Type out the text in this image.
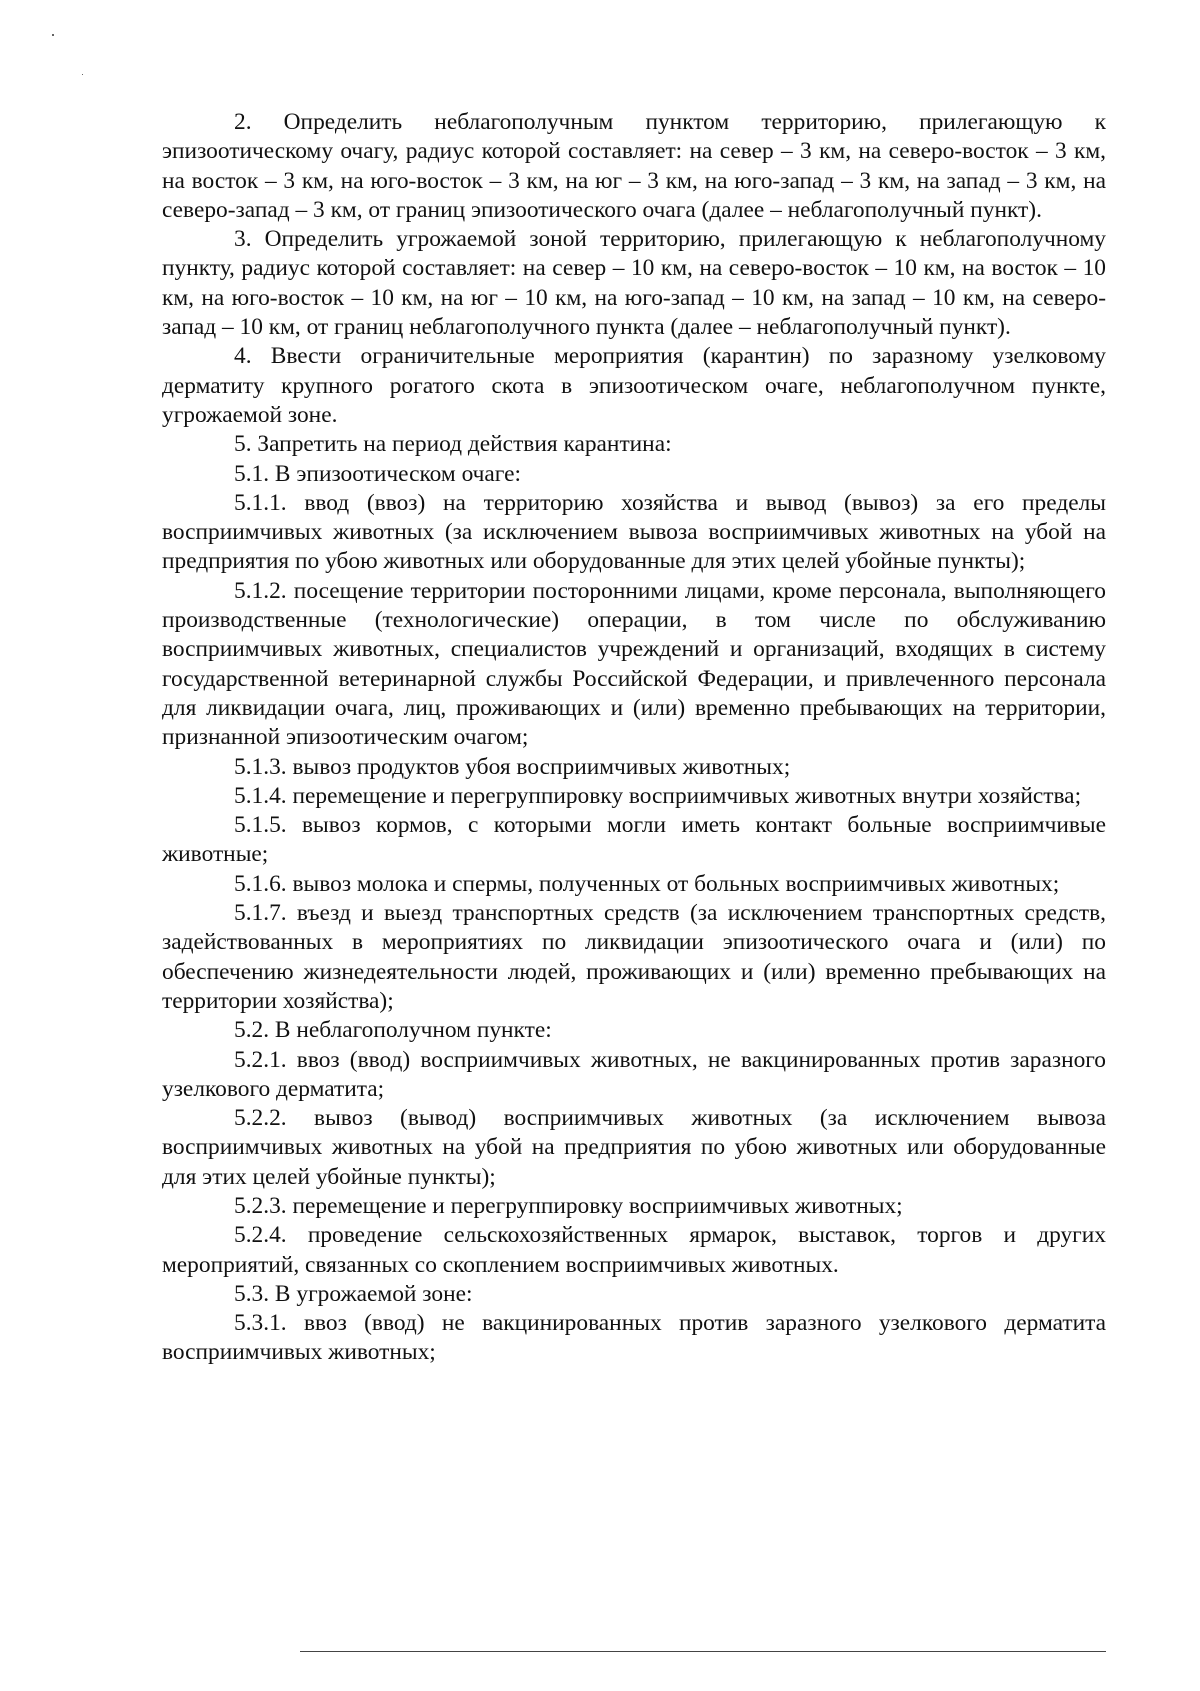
2. Определить неблагополучным пунктом территорию, прилегающую к эпизоотическому очагу, радиус которой составляет: на север – 3 км, на северо-восток – 3 км, на восток – 3 км, на юго-восток – 3 км, на юг – 3 км, на юго-запад – 3 км, на запад – 3 км, на северо-запад – 3 км, от границ эпизоотического очага (далее – неблагополучный пункт).

3. Определить угрожаемой зоной территорию, прилегающую к неблагополучному пункту, радиус которой составляет: на север – 10 км, на северо-восток – 10 км, на восток – 10 км, на юго-восток – 10 км, на юг – 10 км, на юго-запад – 10 км, на запад – 10 км, на северо-запад – 10 км, от границ неблагополучного пункта (далее – неблагополучный пункт).

4. Ввести ограничительные мероприятия (карантин) по заразному узелковому дерматиту крупного рогатого скота в эпизоотическом очаге, неблагополучном пункте, угрожаемой зоне.

5. Запретить на период действия карантина:

5.1. В эпизоотическом очаге:

5.1.1. ввод (ввоз) на территорию хозяйства и вывод (вывоз) за его пределы восприимчивых животных (за исключением вывоза восприимчивых животных на убой на предприятия по убою животных или оборудованные для этих целей убойные пункты);

5.1.2. посещение территории посторонними лицами, кроме персонала, выполняющего производственные (технологические) операции, в том числе по обслуживанию восприимчивых животных, специалистов учреждений и организаций, входящих в систему государственной ветеринарной службы Российской Федерации, и привлеченного персонала для ликвидации очага, лиц, проживающих и (или) временно пребывающих на территории, признанной эпизоотическим очагом;

5.1.3. вывоз продуктов убоя восприимчивых животных;

5.1.4. перемещение и перегруппировку восприимчивых животных внутри хозяйства;

5.1.5. вывоз кормов, с которыми могли иметь контакт больные восприимчивые животные;

5.1.6. вывоз молока и спермы, полученных от больных восприимчивых животных;

5.1.7. въезд и выезд транспортных средств (за исключением транспортных средств, задействованных в мероприятиях по ликвидации эпизоотического очага и (или) по обеспечению жизнедеятельности людей, проживающих и (или) временно пребывающих на территории хозяйства);

5.2. В неблагополучном пункте:

5.2.1. ввоз (ввод) восприимчивых животных, не вакцинированных против заразного узелкового дерматита;

5.2.2. вывоз (вывод) восприимчивых животных (за исключением вывоза восприимчивых животных на убой на предприятия по убою животных или оборудованные для этих целей убойные пункты);

5.2.3. перемещение и перегруппировку восприимчивых животных;

5.2.4. проведение сельскохозяйственных ярмарок, выставок, торгов и других мероприятий, связанных со скоплением восприимчивых животных.

5.3. В угрожаемой зоне:

5.3.1. ввоз (ввод) не вакцинированных против заразного узелкового дерматита восприимчивых животных;
